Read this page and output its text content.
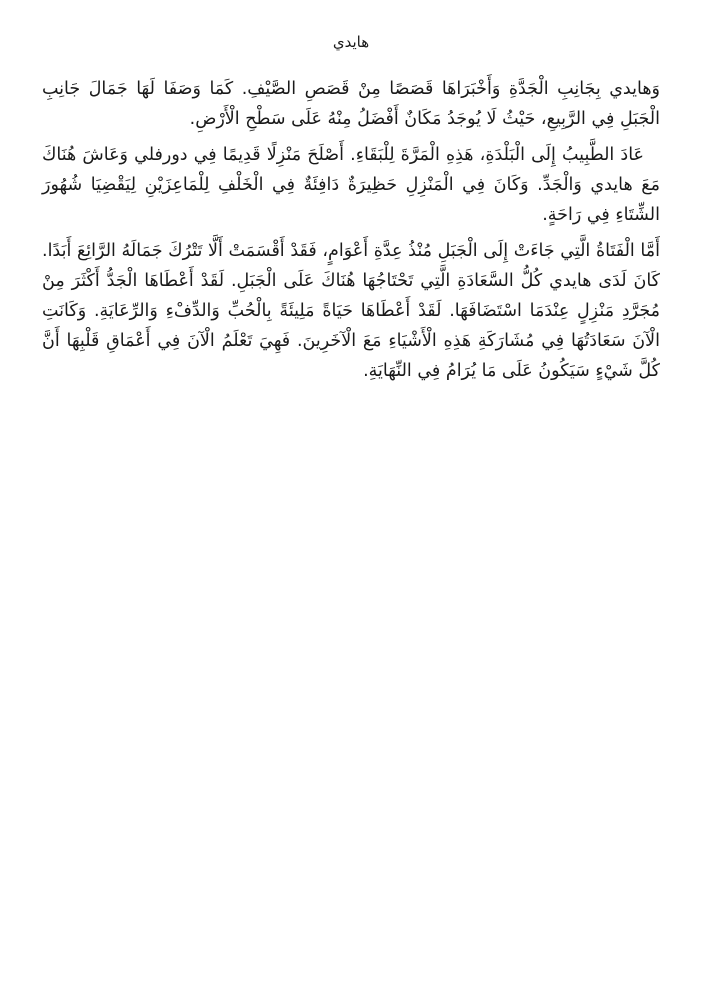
هايدي

وَهايدي بِجَانِبِ الْجَدَّةِ وَأَخْبَرَاهَا قَصَصًا مِنْ قَصَصِ الصَّيْفِ. كَمَا وَصَفَا لَهَا جَمَالَ جَانِبِ الْجَبَلِ فِي الرَّبِيعِ، حَيْثُ لَا يُوجَدُ مَكَانٌ أَفْضَلُ مِنْهُ عَلَى سَطْحِ الْأَرْضِ.

عَادَ الطَّبِيبُ إِلَى الْبَلْدَةِ، هَذِهِ الْمَرَّةَ لِلْبَقَاءِ. أَصْلَحَ مَنْزِلًا قَدِيمًا فِي دورفلي وَعَاشَ هُنَاكَ مَعَ هايدي وَالْجَدِّ. وَكَانَ فِي الْمَنْزِلِ حَظِيرَةٌ دَافِئَةٌ فِي الْخَلْفِ لِلْمَاعِزَيْنِ لِيَقْضِيَا شُهُورَ الشِّتَاءِ فِي رَاحَةٍ.

أَمَّا الْفَتَاةُ الَّتِي جَاءَتْ إِلَى الْجَبَلِ مُنْذُ عِدَّةِ أَعْوَامٍ، فَقَدْ أَقْسَمَتْ أَلَّا تَتْرُكَ جَمَالَهُ الرَّائِعَ أَبَدًا. كَانَ لَدَى هايدي كُلُّ السَّعَادَةِ الَّتِي تَحْتَاجُهَا هُنَاكَ عَلَى الْجَبَلِ. لَقَدْ أَعْطَاهَا الْجَدُّ أَكْثَرَ مِنْ مُجَرَّدِ مَنْزِلٍ عِنْدَمَا اسْتَضَافَهَا. لَقَدْ أَعْطَاهَا حَيَاةً مَلِيئَةً بِالْحُبِّ وَالدِّفْءِ وَالرِّعَايَةِ. وَكَانَتِ الْآنَ سَعَادَتُهَا فِي مُشَارَكَةِ هَذِهِ الْأَشْيَاءِ مَعَ الْآخَرِينَ. فَهِيَ تَعْلَمُ الْآنَ فِي أَعْمَاقِ قَلْبِهَا أَنَّ كُلَّ شَيْءٍ سَيَكُونُ عَلَى مَا يُرَامُ فِي النِّهَايَةِ.
